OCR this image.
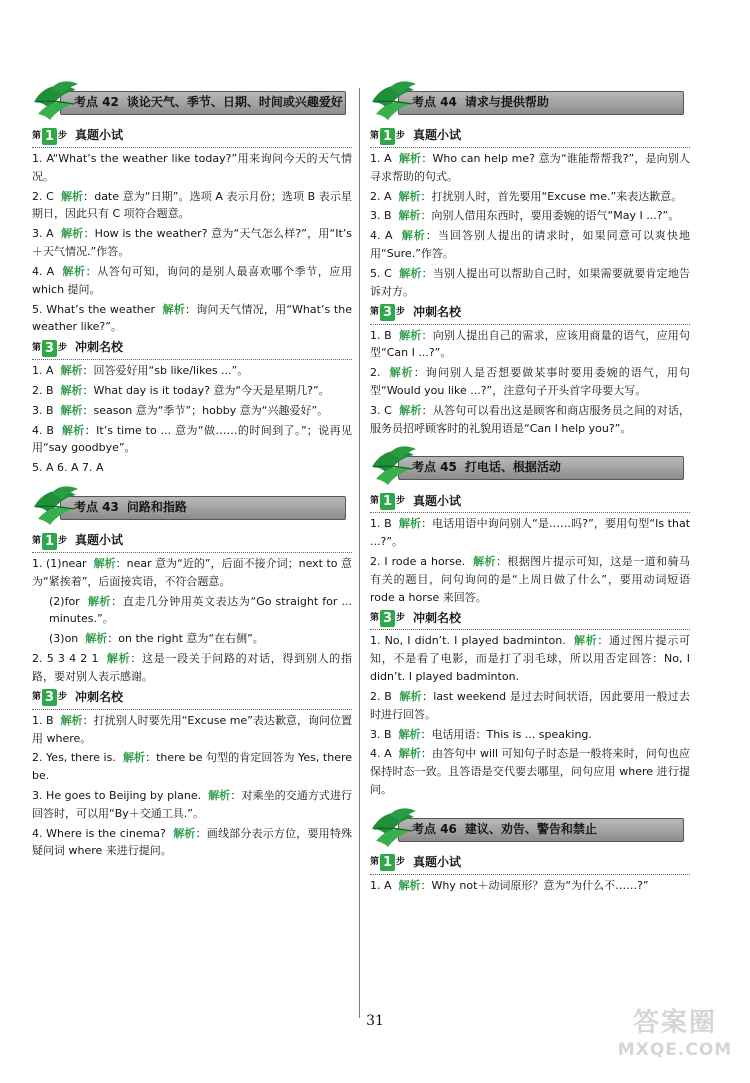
考点 42 谈论天气、季节、日期、时间或兴趣爱好
第 1 步 真题小试
1. A“What’s the weather like today?”用来询问今天的天气情况。
2. C 解析：date 意为“日期”。选项 A 表示月份；选项 B 表示星期日，因此只有 C 项符合题意。
3. A 解析：How is the weather? 意为“天气怎么样?”，用“It’s ＋天气情况.”作答。
4. A 解析：从答句可知，询问的是别人最喜欢哪个季节，应用 which 提问。
5. What’s the weather 解析：询问天气情况，用“What’s the weather like?”。
第 3 步 冲刺名校
1. A 解析：回答爱好用“sb like/likes ...”。
2. B 解析：What day is it today? 意为“今天是星期几?”。
3. B 解析：season 意为“季节”；hobby 意为“兴趣爱好”。
4. B 解析：It’s time to ... 意为“做……的时间到了。”；说再见用“say goodbye”。
5. A 6. A 7. A
考点 43 问路和指路
第 1 步 真题小试
1. (1)near 解析：near 意为“近的”，后面不接介词；next to 意为“紧挨着”，后面接宾语，不符合题意。
(2)for 解析：直走几分钟用英文表达为“Go straight for ... minutes.”。
(3)on 解析：on the right 意为“在右侧”。
2. 5 3 4 2 1 解析：这是一段关于问路的对话，得到别人的指路，要对别人表示感谢。
第 3 步 冲刺名校
1. B 解析：打扰别人时要先用“Excuse me”表达歉意，询问位置用 where。
2. Yes, there is. 解析：there be 句型的肯定回答为 Yes, there be.
3. He goes to Beijing by plane. 解析：对乘坐的交通方式进行回答时，可以用“By＋交通工具.”。
4. Where is the cinema? 解析：画线部分表示方位，要用特殊疑问词 where 来进行提问。
考点 44 请求与提供帮助
第 1 步 真题小试
1. A 解析：Who can help me? 意为“谁能帮帮我?”，是向别人寻求帮助的句式。
2. A 解析：打扰别人时，首先要用“Excuse me.”来表达歉意。
3. B 解析：向别人借用东西时，要用委婉的语气“May I ...?”。
4. A 解析：当回答别人提出的请求时，如果同意可以爽快地用“Sure.”作答。
5. C 解析：当别人提出可以帮助自己时，如果需要就要肯定地告诉对方。
第 3 步 冲刺名校
1. B 解析：向别人提出自己的需求，应该用商量的语气，应用句型“Can I ...?”。
2. 解析：询问别人是否想要做某事时要用委婉的语气，用句型“Would you like ...?”，注意句子开头首字母要大写。
3. C 解析：从答句可以看出这是顾客和商店服务员之间的对话，服务员招呼顾客时的礼貌用语是“Can I help you?”。
考点 45 打电话、根据活动
第 1 步 真题小试
1. B 解析：电话用语中询问别人“是……吗?”，要用句型“Is that ...?”。
2. I rode a horse. 解析：根据图片提示可知，这是一道和骑马有关的题目，问句询问的是“上周日做了什么”，要用动词短语 rode a horse 来回答。
第 3 步 冲刺名校
1. No, I didn’t. I played badminton. 解析：通过图片提示可知，不是看了电影，而是打了羽毛球，所以用否定回答：No, I didn’t. I played badminton.
2. B 解析：last weekend 是过去时间状语，因此要用一般过去时进行回答。
3. B 解析：电话用语：This is ... speaking.
4. A 解析：由答句中 will 可知句子时态是一般将来时，问句也应保持时态一致。且答语是交代要去哪里，问句应用 where 进行提问。
考点 46 建议、劝告、警告和禁止
第 1 步 真题小试
1. A 解析：Why not＋动词原形？意为“为什么不……?”
31	答案圈
MXQE.COM
